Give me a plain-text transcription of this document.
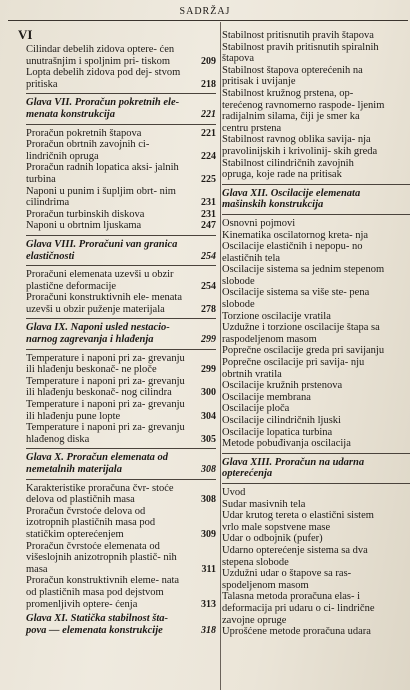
SADRŽAJ
VI
Cilindar debelih zidova optere- ćen unutrašnjim i spoljnim pri- tiskom	209
Lopta debelih zidova pod dej- stvom pritiska	218
Glava VII. Proračun pokretnih ele- menata konstrukcija	221
Proračun pokretnih štapova	221
Proračun obrtnih zavojnih ci- lindričnih opruga	224
Proračun radnih lopatica aksi- jalnih turbina	225
Naponi u punim i šupljim obrt- nim cilindrima	231
Proračun turbinskih diskova	231
Naponi u obrtnim ljuskama	247
Glava VIII. Proračuni van granica elastičnosti	254
Proračuni elemenata uzevši u obzir plastične deformacije	254
Proračuni konstruktivnih ele- menata uzevši u obzir puženje materijala	278
Glava IX. Naponi usled nestacio- narnog zagrevanja i hlađenja	299
Temperature i naponi pri za- grevanju ili hlađenju beskonač- ne ploče	299
Temperature i naponi pri za- grevanju ili hlađenju beskonač- nog cilindra	300
Temperature i naponi pri za- grevanju ili hlađenju pune lopte	304
Temperature i naponi pri za- grevanju hlađenog diska	305
Glava X. Proračun elemenata od nemetalnih materijala	308
Karakteristike proračuna čvr- stoće delova od plastičnih masa	308
Proračun čvrstoće delova od izotropnih plastičnih masa pod statičkim opterećenjem	309
Proračun čvrstoće elemenata od višeslojnih anizotropnih plastič- nih masa	311
Proračun konstruktivnih eleme- nata od plastičnih masa pod dejstvom promenljivih optere- ćenja	313
Glava XI. Statička stabilnost šta- pova — elemenata konstrukcije	318
Stabilnost pritisnutih pravih štapova
Stabilnost pravih pritisnutih spiralnih štapova
Stabilnost štapova opterećenih na pritisak i uvijanje
Stabilnost kružnog prstena, op- terećenog ravnomerno raspode- ljenim radijalnim silama, čiji je smer ka centru prstena
Stabilnost ravnog oblika savija- nja pravolinijskih i krivolinij- skih greda
Stabilnost cilindričnih zavojnih opruga, koje rade na pritisak
Glava XII. Oscilacije elemenata mašinskih konstrukcija
Osnovni pojmovi
Kinematika oscilatornog kreta- nja
Oscilacije elastičnih i nepopu- no elastičnih tela
Oscilacije sistema sa jednim stepenom slobode
Oscilacije sistema sa više ste- pena slobode
Torzione oscilacije vratila
Uzdužne i torzione oscilacije štapa sa raspodeljenom masom
Poprečne oscilacije greda pri savijanju
Poprečne oscilacije pri savija- nju obrtnih vratila
Oscilacije kružnih prstenova
Oscilacije membrana
Oscilacije ploča
Oscilacije cilindričnih ljuski
Oscilacije lopatica turbina
Metode pobuđivanja oscilacija
Glava XIII. Proračun na udarna opterećenja
Uvod
Sudar masivnih tela
Udar krutog tereta o elastični sistem vrlo male sopstvene mase
Udar o odbojnik (pufer)
Udarno opterećenje sistema sa dva stepena slobode
Uzdužni udar o štapove sa ras- spodeljenom masom
Talasna metoda proračuna elas- i deformacija pri udaru o ci- lindrične zavojne opruge
Uprošćene metode proračuna udara
